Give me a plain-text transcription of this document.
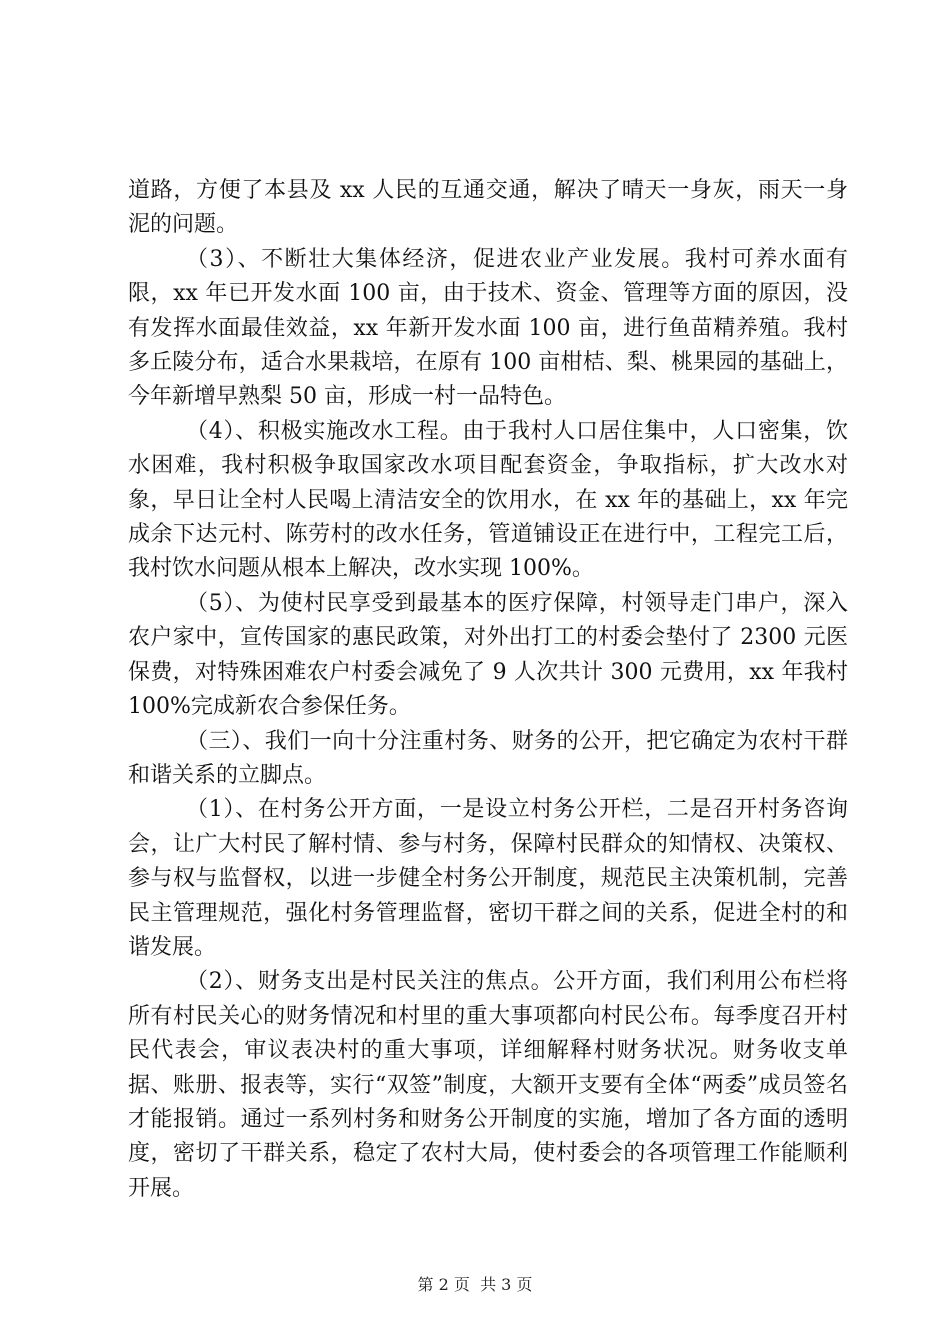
道路，方便了本县及 xx 人民的互通交通，解决了晴天一身灰，雨天一身泥的问题。

（3）、不断壮大集体经济，促进农业产业发展。我村可养水面有限，xx 年已开发水面 100 亩，由于技术、资金、管理等方面的原因，没有发挥水面最佳效益，xx 年新开发水面 100 亩，进行鱼苗精养殖。我村多丘陵分布，适合水果栽培，在原有 100 亩柑桔、梨、桃果园的基础上，今年新增早熟梨 50 亩，形成一村一品特色。

（4）、积极实施改水工程。由于我村人口居住集中，人口密集，饮水困难，我村积极争取国家改水项目配套资金，争取指标，扩大改水对象，早日让全村人民喝上清洁安全的饮用水，在 xx 年的基础上，xx 年完成余下达元村、陈劳村的改水任务，管道铺设正在进行中，工程完工后，我村饮水问题从根本上解决，改水实现 100%。

（5）、为使村民享受到最基本的医疗保障，村领导走门串户，深入农户家中，宣传国家的惠民政策，对外出打工的村委会垫付了 2300 元医保费，对特殊困难农户村委会减免了 9 人次共计 300 元费用，xx 年我村 100%完成新农合参保任务。

（三）、我们一向十分注重村务、财务的公开，把它确定为农村干群和谐关系的立脚点。

（1）、在村务公开方面，一是设立村务公开栏，二是召开村务咨询会，让广大村民了解村情、参与村务，保障村民群众的知情权、决策权、参与权与监督权，以进一步健全村务公开制度，规范民主决策机制，完善民主管理规范，强化村务管理监督，密切干群之间的关系，促进全村的和谐发展。

（2）、财务支出是村民关注的焦点。公开方面，我们利用公布栏将所有村民关心的财务情况和村里的重大事项都向村民公布。每季度召开村民代表会，审议表决村的重大事项，详细解释村财务状况。财务收支单据、账册、报表等，实行“双签”制度，大额开支要有全体“两委”成员签名才能报销。通过一系列村务和财务公开制度的实施，增加了各方面的透明度，密切了干群关系，稳定了农村大局，使村委会的各项管理工作能顺利开展。

第 2 页 共 3 页
